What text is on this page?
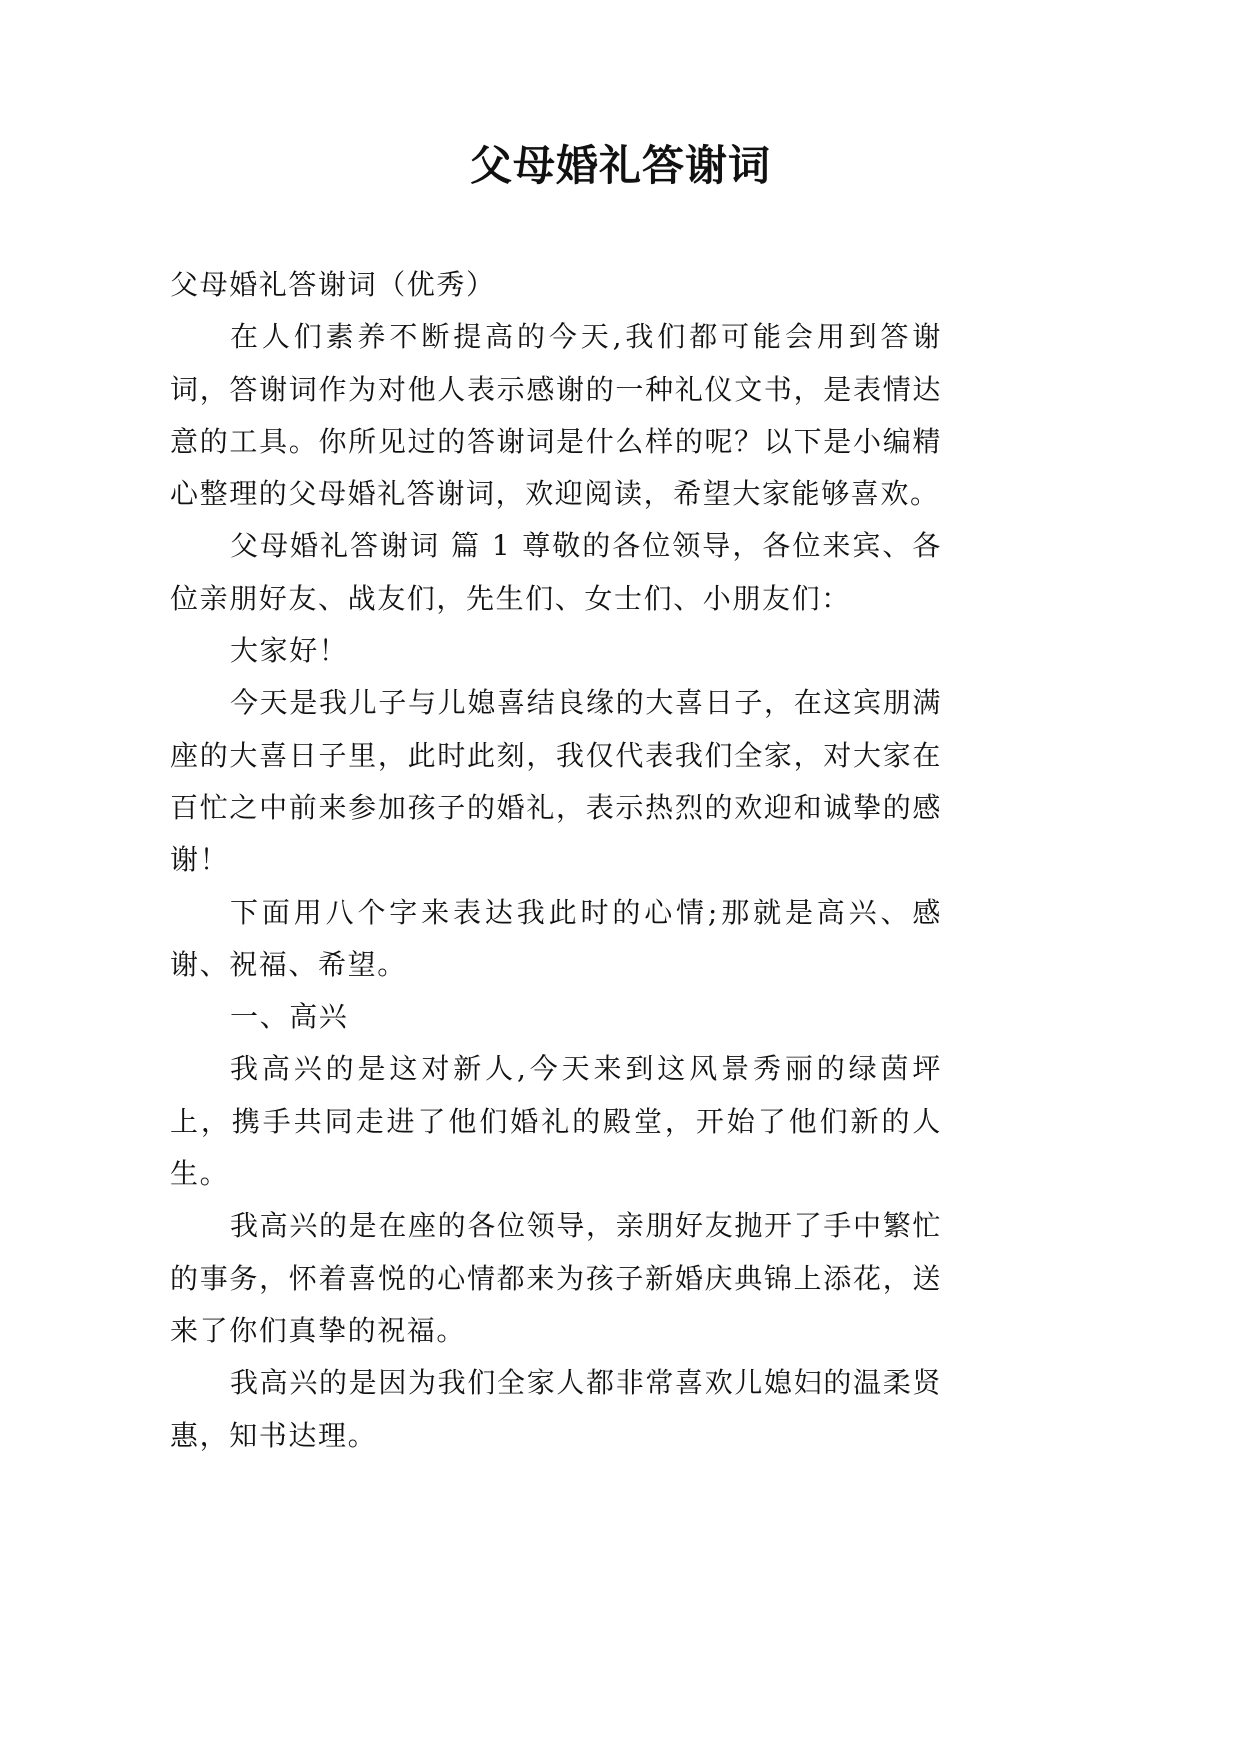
父母婚礼答谢词

父母婚礼答谢词（优秀）

在人们素养不断提高的今天,我们都可能会用到答谢词，答谢词作为对他人表示感谢的一种礼仪文书，是表情达意的工具。你所见过的答谢词是什么样的呢？以下是小编精心整理的父母婚礼答谢词，欢迎阅读，希望大家能够喜欢。

父母婚礼答谢词 篇 1 尊敬的各位领导，各位来宾、各位亲朋好友、战友们，先生们、女士们、小朋友们：

大家好！

今天是我儿子与儿媳喜结良缘的大喜日子，在这宾朋满座的大喜日子里，此时此刻，我仅代表我们全家，对大家在百忙之中前来参加孩子的婚礼，表示热烈的欢迎和诚挚的感谢！

下面用八个字来表达我此时的心情;那就是高兴、感谢、祝福、希望。

一、高兴

我高兴的是这对新人,今天来到这风景秀丽的绿茵坪上，携手共同走进了他们婚礼的殿堂，开始了他们新的人生。

我高兴的是在座的各位领导，亲朋好友抛开了手中繁忙的事务，怀着喜悦的心情都来为孩子新婚庆典锦上添花，送来了你们真挚的祝福。

我高兴的是因为我们全家人都非常喜欢儿媳妇的温柔贤惠，知书达理。
